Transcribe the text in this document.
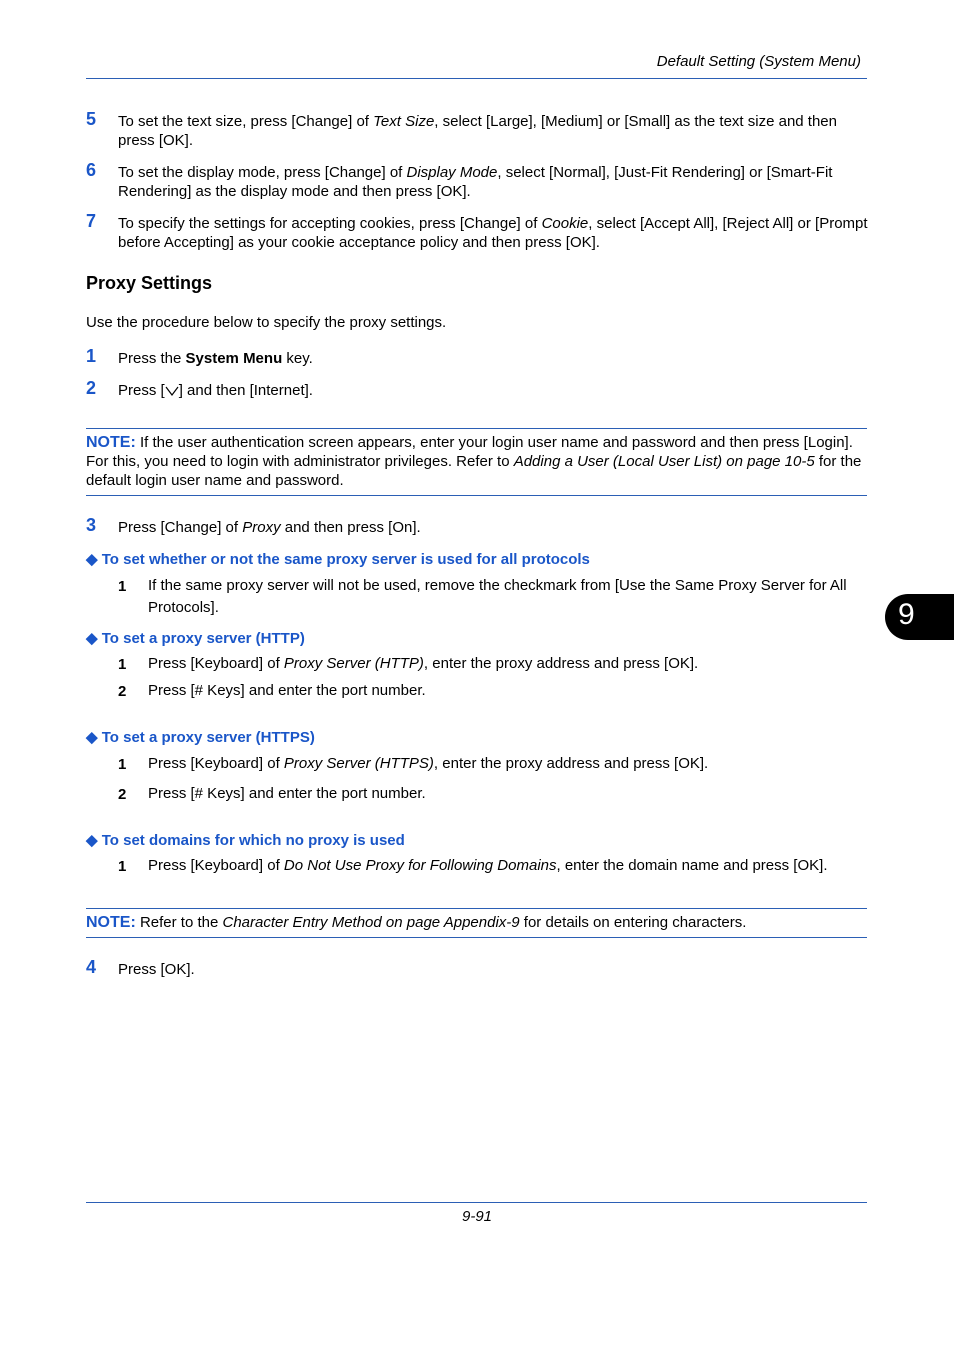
Default Setting (System Menu)
5 To set the text size, press [Change] of Text Size, select [Large], [Medium] or [Small] as the text size and then press [OK].
6 To set the display mode, press [Change] of Display Mode, select [Normal], [Just-Fit Rendering] or [Smart-Fit Rendering] as the display mode and then press [OK].
7 To specify the settings for accepting cookies, press [Change] of Cookie, select [Accept All], [Reject All] or [Prompt before Accepting] as your cookie acceptance policy and then press [OK].
Proxy Settings
Use the procedure below to specify the proxy settings.
1 Press the System Menu key.
2 Press [ ] and then [Internet].
NOTE: If the user authentication screen appears, enter your login user name and password and then press [Login]. For this, you need to login with administrator privileges. Refer to Adding a User (Local User List) on page 10-5 for the default login user name and password.
3 Press [Change] of Proxy and then press [On].
◆ To set whether or not the same proxy server is used for all protocols
1 If the same proxy server will not be used, remove the checkmark from [Use the Same Proxy Server for All Protocols].
◆ To set a proxy server (HTTP)
1 Press [Keyboard] of Proxy Server (HTTP), enter the proxy address and press [OK].
2 Press [# Keys] and enter the port number.
◆ To set a proxy server (HTTPS)
1 Press [Keyboard] of Proxy Server (HTTPS), enter the proxy address and press [OK].
2 Press [# Keys] and enter the port number.
◆ To set domains for which no proxy is used
1 Press [Keyboard] of Do Not Use Proxy for Following Domains, enter the domain name and press [OK].
NOTE: Refer to the Character Entry Method on page Appendix-9 for details on entering characters.
4 Press [OK].
9
9-91
